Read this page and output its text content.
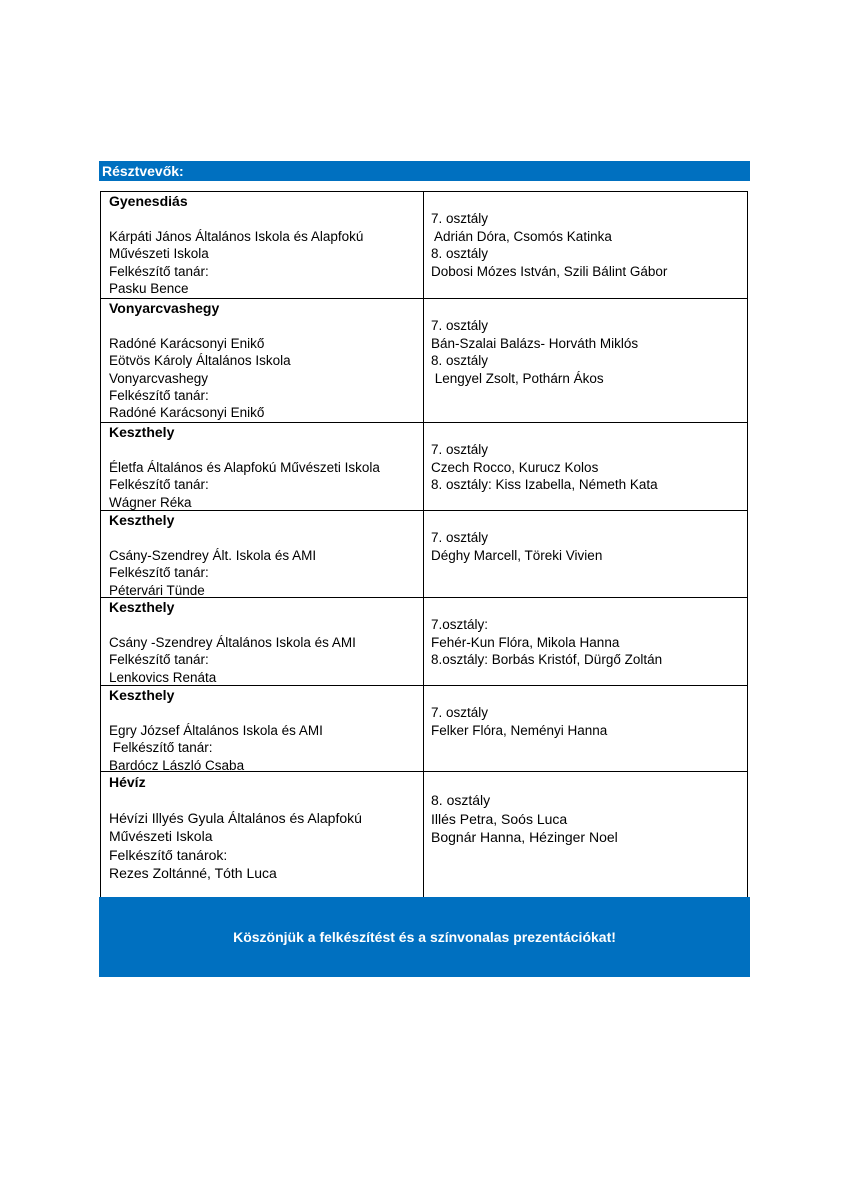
Résztvevők:
Gyenesdiás
Kárpáti János Általános Iskola és Alapfokú
Művészeti Iskola
Felkészítő tanár:
Pasku Bence
7. osztály
Adrián Dóra, Csomós Katinka
8. osztály
Dobosi Mózes István, Szili Bálint Gábor
Vonyarcvashegy
Radóné Karácsonyi Enikő
Eötvös Károly Általános Iskola
Vonyarcvashegy
Felkészítő tanár:
Radóné Karácsonyi Enikő
7. osztály
Bán-Szalai Balázs- Horváth Miklós
8. osztály
Lengyel Zsolt, Pothárn Ákos
Keszthely
Életfa Általános és Alapfokú Művészeti Iskola
Felkészítő tanár:
Wágner Réka
7. osztály
Czech Rocco, Kurucz Kolos
8. osztály: Kiss Izabella, Németh Kata
Keszthely
Csány-Szendrey Ált. Iskola és AMI
Felkészítő tanár:
Pétervári Tünde
7. osztály
Déghy Marcell, Töreki Vivien
Keszthely
Csány -Szendrey Általános Iskola és AMI
Felkészítő tanár:
Lenkovics Renáta
7.osztály:
Fehér-Kun Flóra, Mikola Hanna
8.osztály: Borbás Kristóf, Dürgő Zoltán
Keszthely
Egry József Általános Iskola és AMI
Felkészítő tanár:
Bardócz László Csaba
7. osztály
Felker Flóra, Neményi Hanna
Hévíz
Hévízi Illyés Gyula Általános és Alapfokú
Művészeti Iskola
Felkészítő tanárok:
Rezes Zoltánné, Tóth Luca
8. osztály
Illés Petra, Soós Luca
Bognár Hanna, Hézinger Noel
Köszönjük a felkészítést és a színvonalas prezentációkat!
